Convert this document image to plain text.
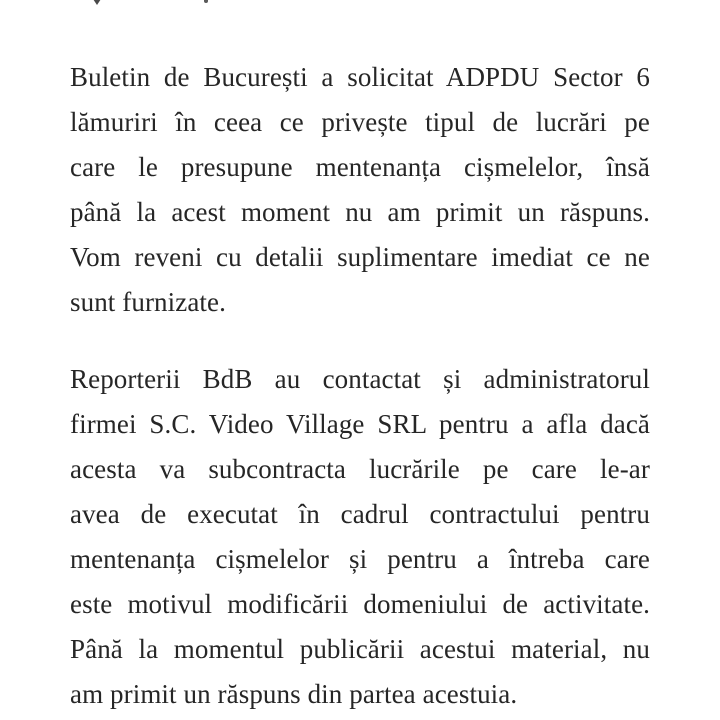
Buletin de București a solicitat ADPDU Sector 6
lămuriri în ceea ce privește tipul de lucrări pe
care le presupune mentenanța cișmelelor, însă
până la acest moment nu am primit un răspuns.
Vom reveni cu detalii suplimentare imediat ce ne
sunt furnizate.
Reporterii BdB au contactat și administratorul
firmei S.C. Video Village SRL pentru a afla dacă
acesta va subcontracta lucrările pe care le-ar
avea de executat în cadrul contractului pentru
mentenanța cișmelelor și pentru a întreba care
este motivul modificării domeniului de activitate.
Până la momentul publicării acestui material, nu
am primit un răspuns din partea acestuia.
